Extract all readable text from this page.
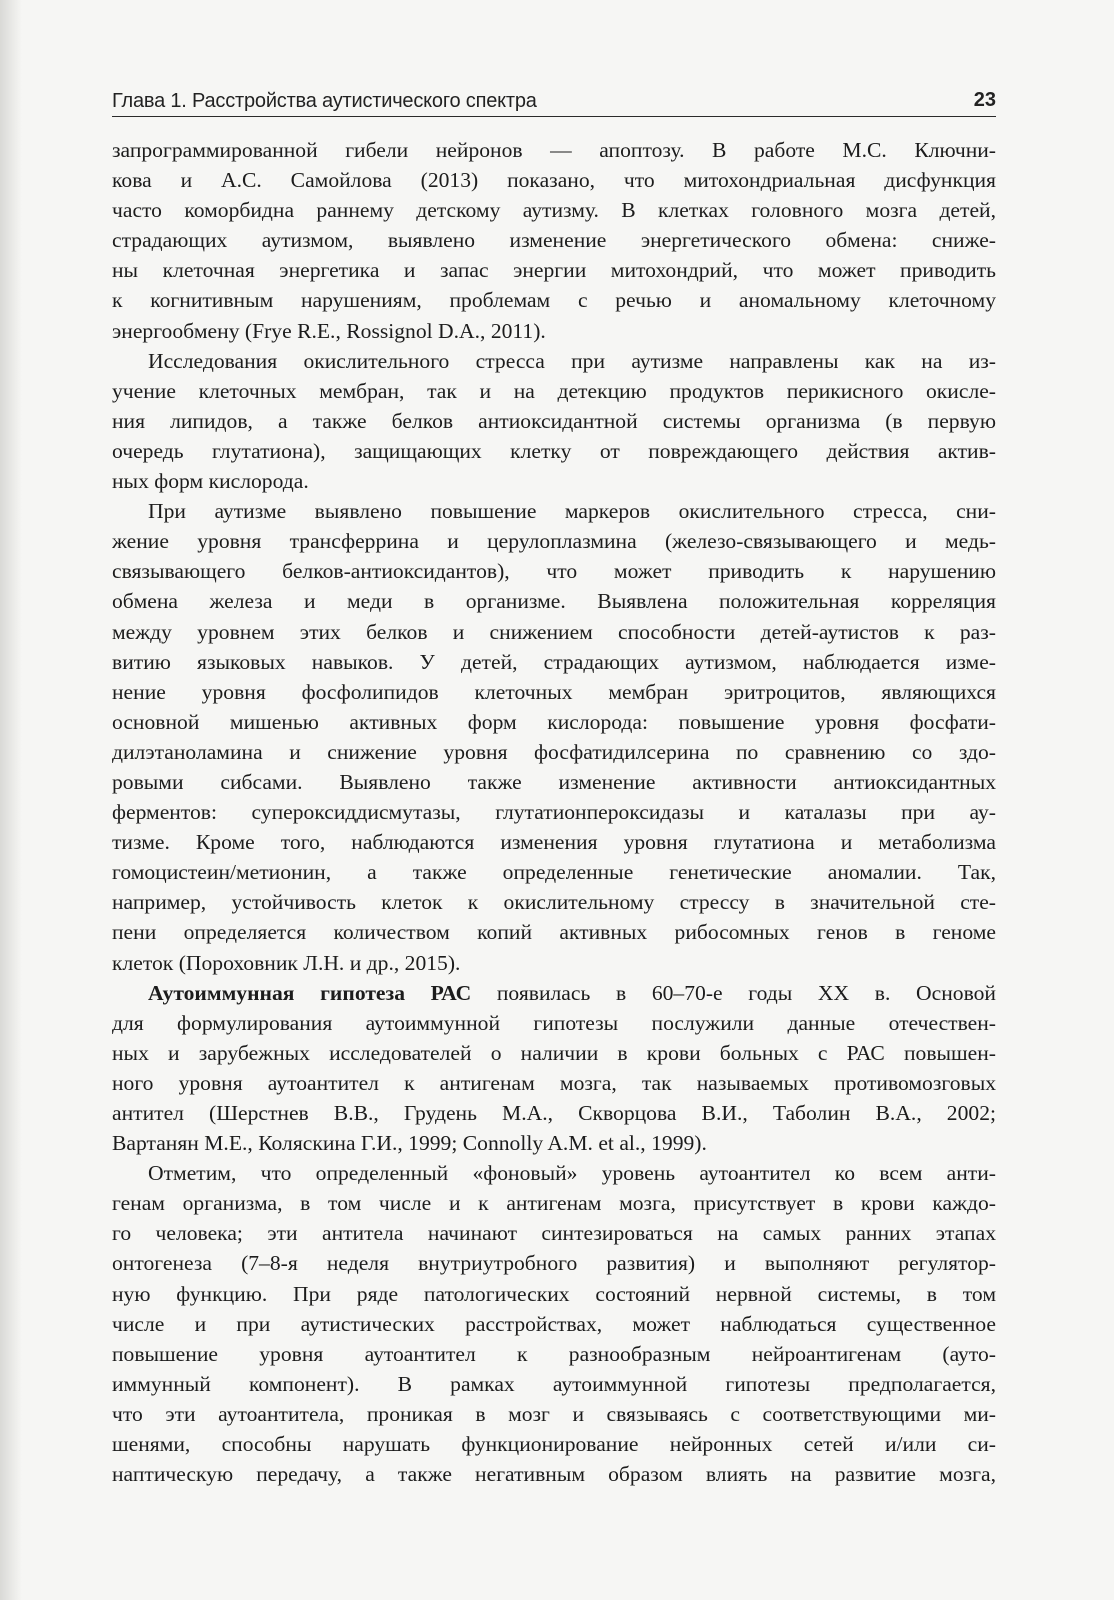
Глава 1. Расстройства аутистического спектра	23
запрограммированной гибели нейронов — апоптозу. В работе М.С. Ключни-
кова и А.С. Самойлова (2013) показано, что митохондриальная дисфункция
часто коморбидна раннему детскому аутизму. В клетках головного мозга детей,
страдающих аутизмом, выявлено изменение энергетического обмена: сниже-
ны клеточная энергетика и запас энергии митохондрий, что может приводить
к когнитивным нарушениям, проблемам с речью и аномальному клеточному
энергообмену (Frye R.E., Rossignol D.A., 2011).
Исследования окислительного стресса при аутизме направлены как на из-
учение клеточных мембран, так и на детекцию продуктов перикисного окисле-
ния липидов, а также белков антиоксидантной системы организма (в первую
очередь глутатиона), защищающих клетку от повреждающего действия актив-
ных форм кислорода.
При аутизме выявлено повышение маркеров окислительного стресса, сни-
жение уровня трансферрина и церулоплазмина (железо-связывающего и медь-
связывающего белков-антиоксидантов), что может приводить к нарушению
обмена железа и меди в организме. Выявлена положительная корреляция
между уровнем этих белков и снижением способности детей-аутистов к раз-
витию языковых навыков. У детей, страдающих аутизмом, наблюдается изме-
нение уровня фосфолипидов клеточных мембран эритроцитов, являющихся
основной мишенью активных форм кислорода: повышение уровня фосфати-
дилэтаноламина и снижение уровня фосфатидилсерина по сравнению со здо-
ровыми сибсами. Выявлено также изменение активности антиоксидантных
ферментов: супероксиддисмутазы, глутатионпероксидазы и каталазы при ау-
тизме. Кроме того, наблюдаются изменения уровня глутатиона и метаболизма
гомоцистеин/метионин, а также определенные генетические аномалии. Так,
например, устойчивость клеток к окислительному стрессу в значительной сте-
пени определяется количеством копий активных рибосомных генов в геноме
клеток (Пороховник Л.Н. и др., 2015).
Аутоиммунная гипотеза РАС появилась в 60–70-е годы XX в. Основой
для формулирования аутоиммунной гипотезы послужили данные отечествен-
ных и зарубежных исследователей о наличии в крови больных с РАС повышен-
ного уровня аутоантител к антигенам мозга, так называемых противомозговых
антител (Шерстнев В.В., Грудень М.А., Скворцова В.И., Таболин В.А., 2002;
Вартанян М.Е., Коляскина Г.И., 1999; Connolly A.M. et al., 1999).
Отметим, что определенный «фоновый» уровень аутоантител ко всем анти-
генам организма, в том числе и к антигенам мозга, присутствует в крови каждо-
го человека; эти антитела начинают синтезироваться на самых ранних этапах
онтогенеза (7–8-я неделя внутриутробного развития) и выполняют регулятор-
ную функцию. При ряде патологических состояний нервной системы, в том
числе и при аутистических расстройствах, может наблюдаться существенное
повышение уровня аутоантител к разнообразным нейроантигенам (ауто-
иммунный компонент). В рамках аутоиммунной гипотезы предполагается,
что эти аутоантитела, проникая в мозг и связываясь с соответствующими ми-
шенями, способны нарушать функционирование нейронных сетей и/или си-
наптическую передачу, а также негативным образом влиять на развитие мозга,
